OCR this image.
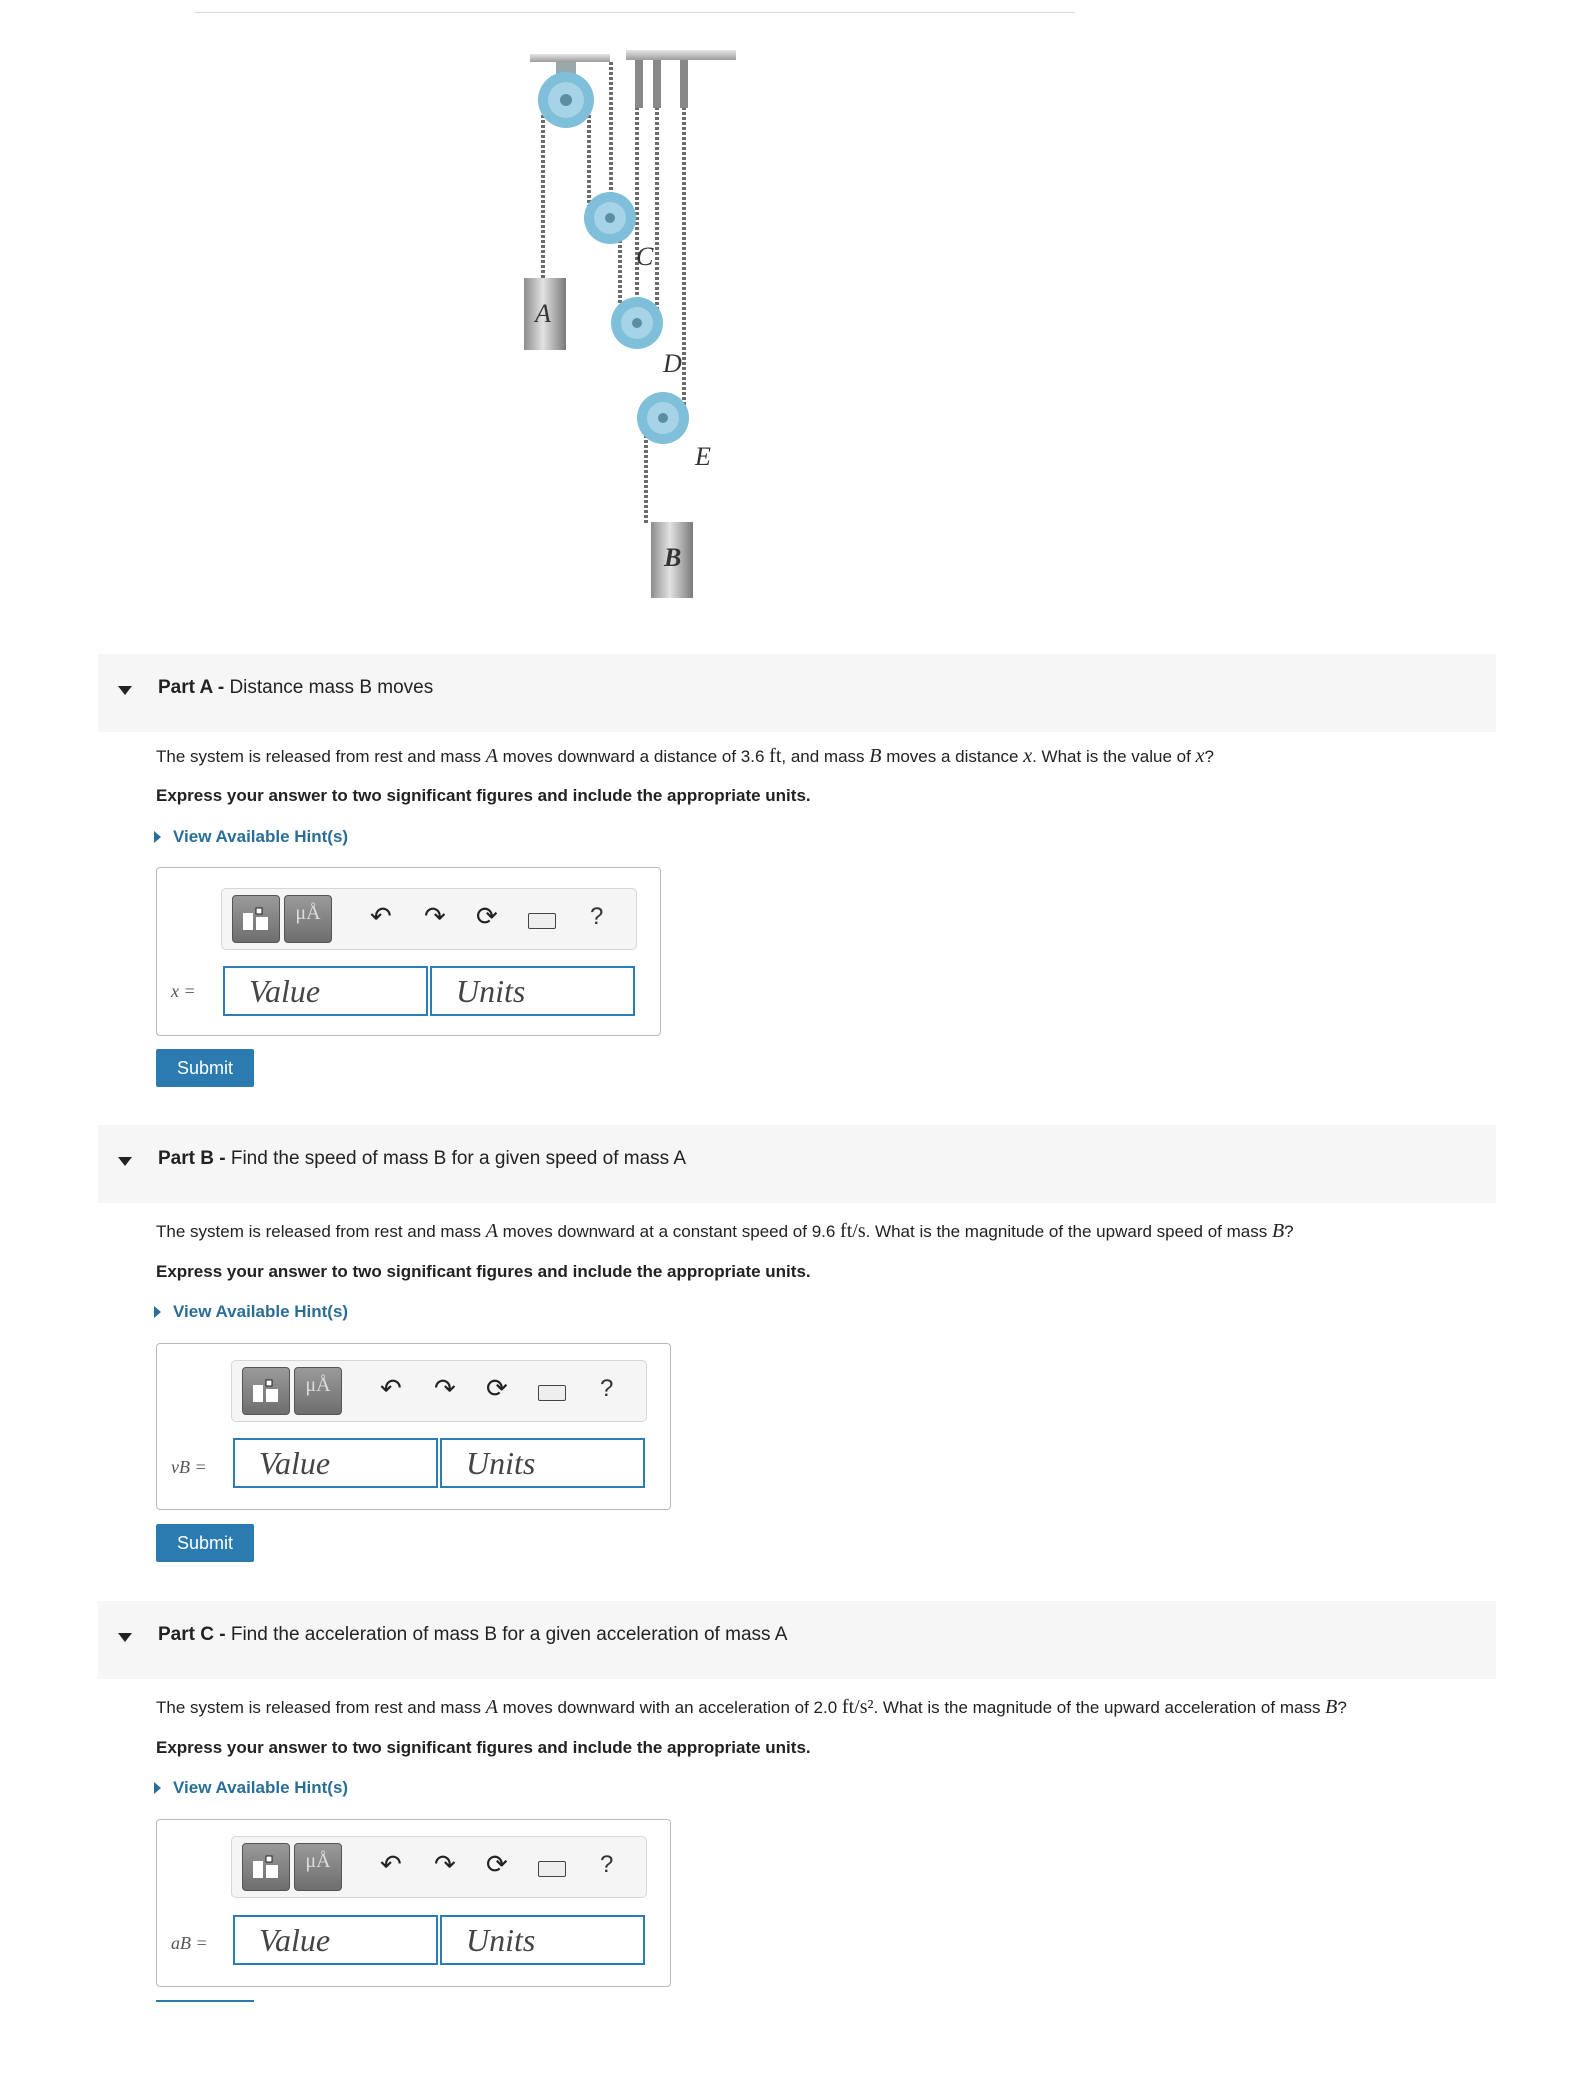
A
C
D
E
B
Part A - Distance mass B moves
The system is released from rest and mass A moves downward a distance of 3.6 ft, and mass B moves a distance x. What is the value of x?
Express your answer to two significant figures and include the appropriate units.
View Available Hint(s)
μÅ	↶ ↷ ⟳	?
x =	Value	Units
Submit
Part B - Find the speed of mass B for a given speed of mass A
The system is released from rest and mass A moves downward at a constant speed of 9.6 ft/s. What is the magnitude of the upward speed of mass B?
Express your answer to two significant figures and include the appropriate units.
View Available Hint(s)
μÅ	↶ ↷ ⟳	?
vB =	Value	Units
Submit
Part C - Find the acceleration of mass B for a given acceleration of mass A
The system is released from rest and mass A moves downward with an acceleration of 2.0 ft/s². What is the magnitude of the upward acceleration of mass B?
Express your answer to two significant figures and include the appropriate units.
View Available Hint(s)
μÅ	↶ ↷ ⟳	?
aB =	Value	Units
